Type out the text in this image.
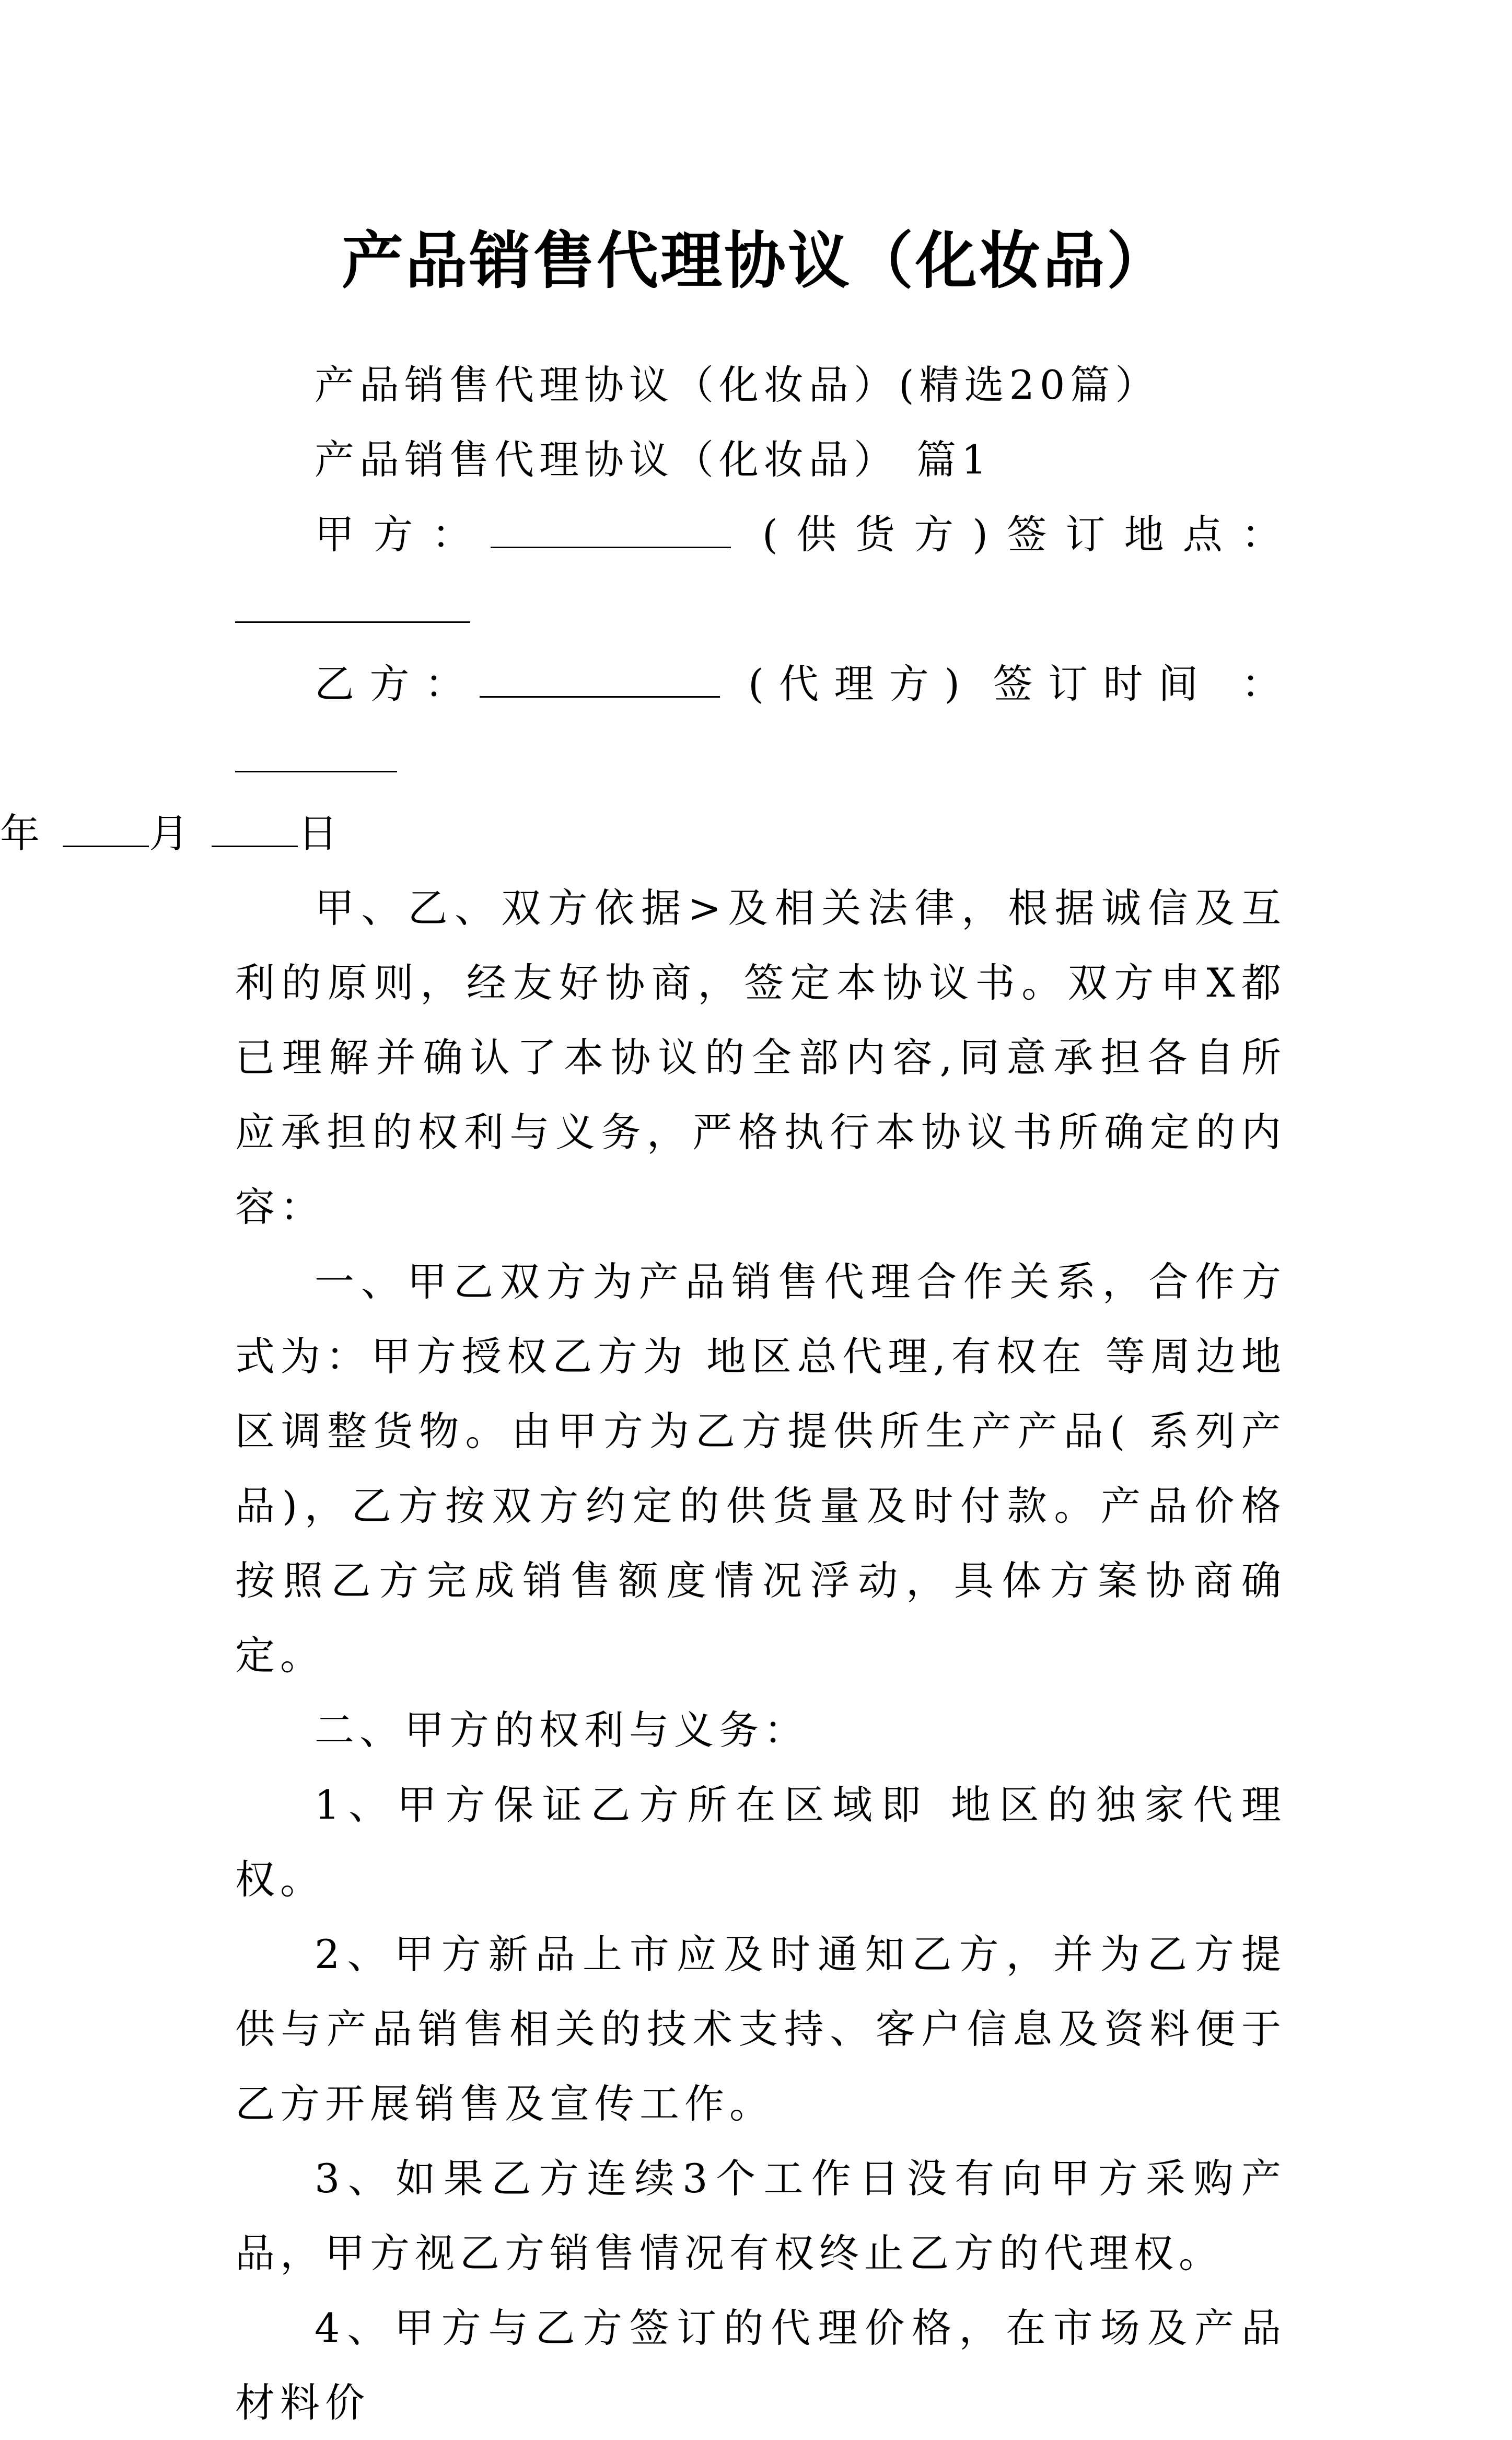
产品销售代理协议（化妆品）

产品销售代理协议（化妆品）(精选20篇）

产品销售代理协议（化妆品） 篇1

甲方：	(供货方)签订地点：

乙方：	(代理方) 签订时间 ：

年 月 日

甲、乙、双方依据>及相关法律，根据诚信及互利的原则，经友好协商，签定本协议书。双方申X都已理解并确认了本协议的全部内容,同意承担各自所应承担的权利与义务，严格执行本协议书所确定的内容：

一、甲乙双方为产品销售代理合作关系，合作方式为：甲方授权乙方为 地区总代理,有权在 等周边地区调整货物。由甲方为乙方提供所生产产品( 系列产品)，乙方按双方约定的供货量及时付款。产品价格按照乙方完成销售额度情况浮动，具体方案协商确定。

二、甲方的权利与义务：

1、甲方保证乙方所在区域即 地区的独家代理权。

2、甲方新品上市应及时通知乙方，并为乙方提供与产品销售相关的技术支持、客户信息及资料便于乙方开展销售及宣传工作。

3、如果乙方连续3个工作日没有向甲方采购产品，甲方视乙方销售情况有权终止乙方的代理权。

4、甲方与乙方签订的代理价格，在市场及产品材料价
